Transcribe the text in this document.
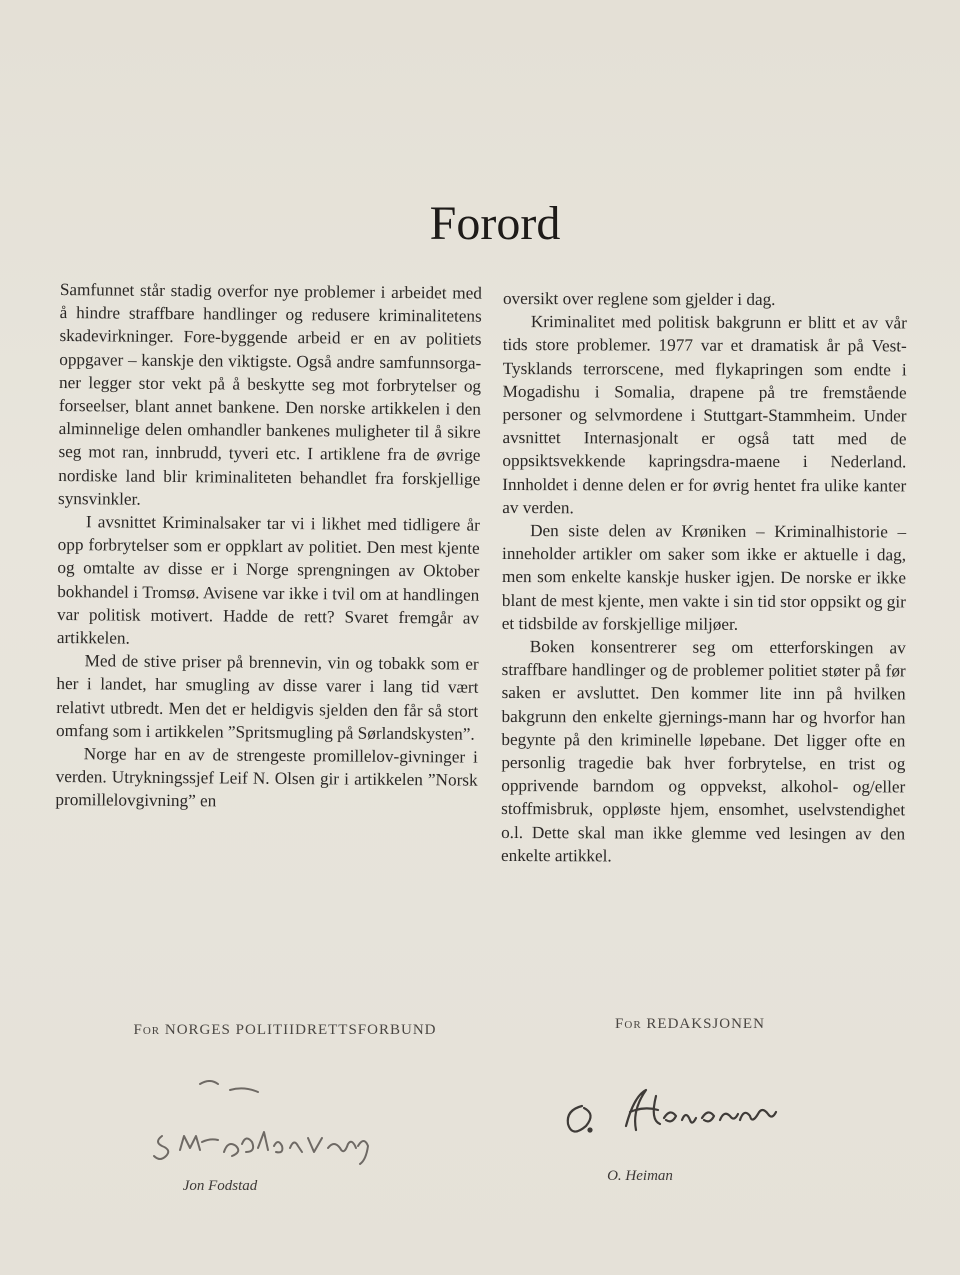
Forord

Samfunnet står stadig overfor nye problemer i arbeidet med å hindre straffbare handlinger og redusere kriminalitetens skadevirkninger. Fore-byggende arbeid er en av politiets oppgaver – kanskje den viktigste. Også andre samfunnsorga-ner legger stor vekt på å beskytte seg mot forbrytelser og forseelser, blant annet bankene. Den norske artikkelen i den alminnelige delen omhandler bankenes muligheter til å sikre seg mot ran, innbrudd, tyveri etc. I artiklene fra de øvrige nordiske land blir kriminaliteten behandlet fra forskjellige synsvinkler.

I avsnittet Kriminalsaker tar vi i likhet med tidligere år opp forbrytelser som er oppklart av politiet. Den mest kjente og omtalte av disse er i Norge sprengningen av Oktober bokhandel i Tromsø. Avisene var ikke i tvil om at handlingen var politisk motivert. Hadde de rett? Svaret fremgår av artikkelen.

Med de stive priser på brennevin, vin og tobakk som er her i landet, har smugling av disse varer i lang tid vært relativt utbredt. Men det er heldigvis sjelden den får så stort omfang som i artikkelen ”Spritsmugling på Sørlandskysten”.

Norge har en av de strengeste promillelov-givninger i verden. Utrykningssjef Leif N. Olsen gir i artikkelen ”Norsk promillelovgivning” en

oversikt over reglene som gjelder i dag.

Kriminalitet med politisk bakgrunn er blitt et av vår tids store problemer. 1977 var et dramatisk år på Vest-Tysklands terrorscene, med flykapringen som endte i Mogadishu i Somalia, drapene på tre fremstående personer og selvmordene i Stuttgart-Stammheim. Under avsnittet Internasjonalt er også tatt med de oppsiktsvekkende kapringsdra-maene i Nederland. Innholdet i denne delen er for øvrig hentet fra ulike kanter av verden.

Den siste delen av Krøniken – Kriminalhistorie – inneholder artikler om saker som ikke er aktuelle i dag, men som enkelte kanskje husker igjen. De norske er ikke blant de mest kjente, men vakte i sin tid stor oppsikt og gir et tidsbilde av forskjellige miljøer.

Boken konsentrerer seg om etterforskingen av straffbare handlinger og de problemer politiet støter på før saken er avsluttet. Den kommer lite inn på hvilken bakgrunn den enkelte gjernings-mann har og hvorfor han begynte på den kriminelle løpebane. Det ligger ofte en personlig tragedie bak hver forbrytelse, en trist og opprivende barndom og oppvekst, alkohol- og/eller stoffmisbruk, oppløste hjem, ensomhet, uselvstendighet o.l. Dette skal man ikke glemme ved lesingen av den enkelte artikkel.

For NORGES POLITIIDRETTSFORBUND
Jon Fodstad
For REDAKSJONEN
O. Heiman
